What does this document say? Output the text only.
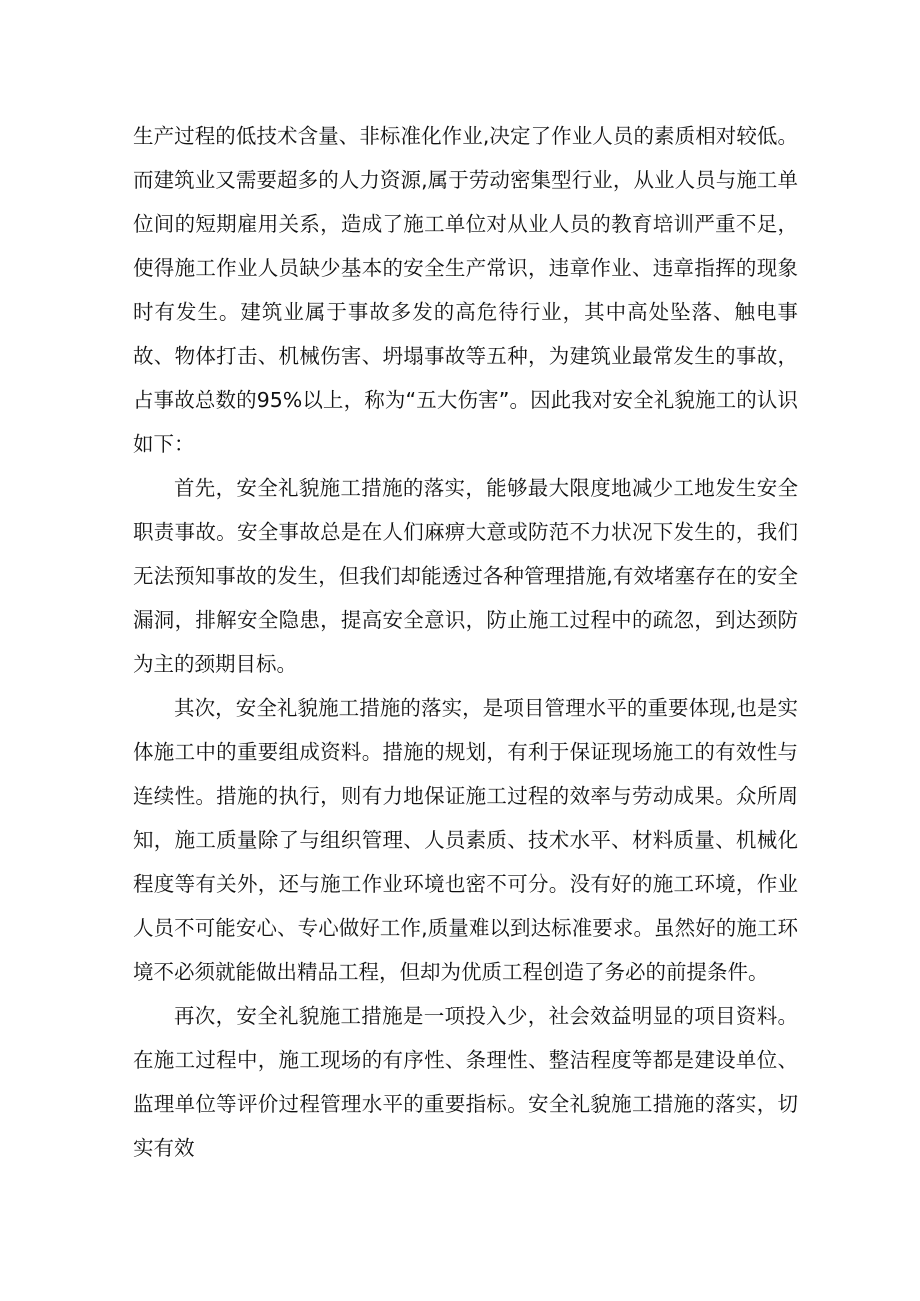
生产过程的低技术含量、非标准化作业,决定了作业人员的素质相对较低。而建筑业又需要超多的人力资源,属于劳动密集型行业，从业人员与施工单位间的短期雇用关系，造成了施工单位对从业人员的教育培训严重不足，使得施工作业人员缺少基本的安全生产常识，违章作业、违章指挥的现象时有发生。建筑业属于事故多发的高危待行业，其中高处坠落、触电事故、物体打击、机械伤害、坍塌事故等五种，为建筑业最常发生的事故，占事故总数的95%以上，称为“五大伤害”。因此我对安全礼貌施工的认识如下：

首先，安全礼貌施工措施的落实，能够最大限度地减少工地发生安全职责事故。安全事故总是在人们麻痹大意或防范不力状况下发生的，我们无法预知事故的发生，但我们却能透过各种管理措施,有效堵塞存在的安全漏洞，排解安全隐患，提高安全意识，防止施工过程中的疏忽，到达颈防为主的颈期目标。

其次，安全礼貌施工措施的落实，是项目管理水平的重要体现,也是实体施工中的重要组成资料。措施的规划，有利于保证现场施工的有效性与连续性。措施的执行，则有力地保证施工过程的效率与劳动成果。众所周知，施工质量除了与组织管理、人员素质、技术水平、材料质量、机械化程度等有关外，还与施工作业环境也密不可分。没有好的施工环境，作业人员不可能安心、专心做好工作,质量难以到达标准要求。虽然好的施工环境不必须就能做出精品工程，但却为优质工程创造了务必的前提条件。

再次，安全礼貌施工措施是一项投入少，社会效益明显的项目资料。在施工过程中，施工现场的有序性、条理性、整洁程度等都是建设单位、监理单位等评价过程管理水平的重要指标。安全礼貌施工措施的落实，切实有效
